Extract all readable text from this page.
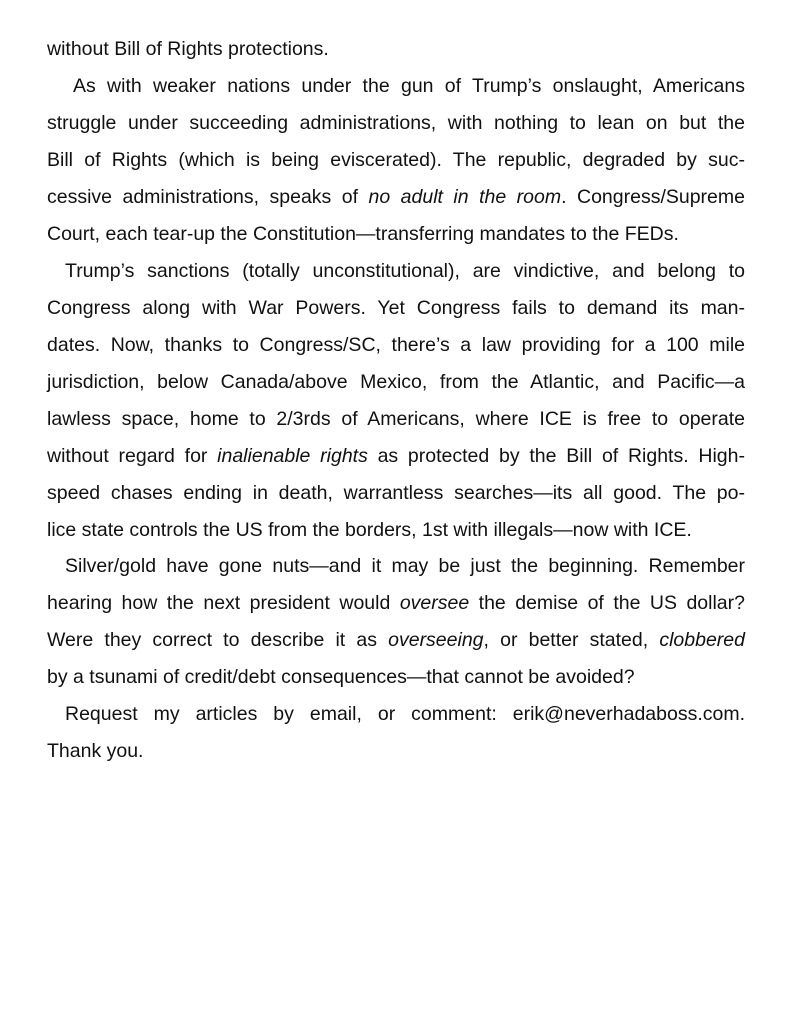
without Bill of Rights protections.
As with weaker nations under the gun of Trump’s onslaught, Americans
struggle under succeeding administrations, with nothing to lean on but the
Bill of Rights (which is being eviscerated). The republic, degraded by suc-
cessive administrations, speaks of no adult in the room. Congress/Supreme
Court, each tear-up the Constitution—transferring mandates to the FEDs.
Trump’s sanctions (totally unconstitutional), are vindictive, and belong to
Congress along with War Powers. Yet Congress fails to demand its man-
dates. Now, thanks to Congress/SC, there’s a law providing for a 100 mile
jurisdiction, below Canada/above Mexico, from the Atlantic, and Pacific—a
lawless space, home to 2/3rds of Americans, where ICE is free to operate
without regard for inalienable rights as protected by the Bill of Rights. High-
speed chases ending in death, warrantless searches—its all good. The po-
lice state controls the US from the borders, 1st with illegals—now with ICE.
Silver/gold have gone nuts—and it may be just the beginning. Remember
hearing how the next president would oversee the demise of the US dollar?
Were they correct to describe it as overseeing, or better stated, clobbered
by a tsunami of credit/debt consequences—that cannot be avoided?
Request my articles by email, or comment: erik@neverhadaboss.com.
Thank you.
